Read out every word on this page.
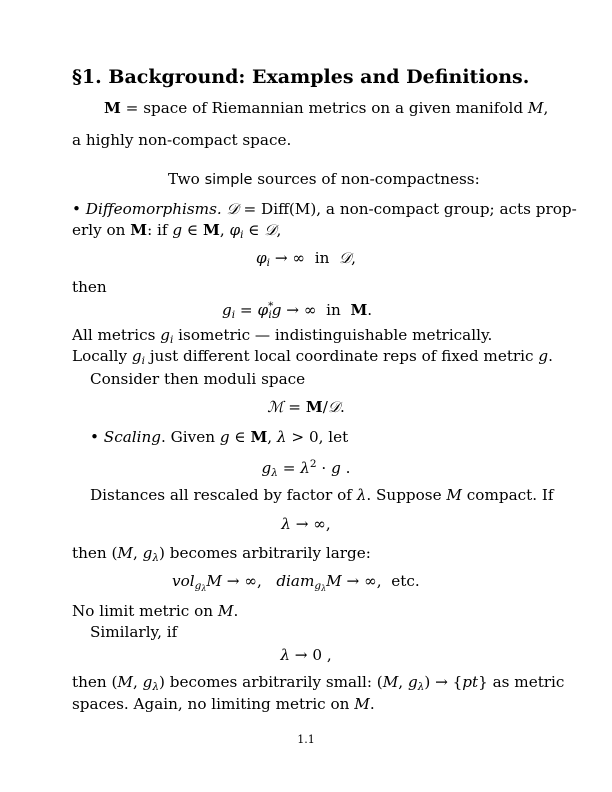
§1. Background: Examples and Definitions.
M = space of Riemannian metrics on a given manifold M,
a highly non-compact space.
Two simple sources of non-compactness:
• Diffeomorphisms. 𝒟 = Diff(M), a non-compact group; acts prop-
erly on M: if g ∈ M, $\varphi_i$ ∈ 𝒟,
$\varphi_i$ → ∞  in  𝒟,
then
$g_i = \varphi^*_ig$ → ∞  in  M.
All metrics $g_i$ isometric — indistinguishable metrically.
Locally $g_i$ just different local coordinate reps of fixed metric g.
Consider then moduli space
ℳ = M/𝒟.
• Scaling. Given g ∈ M, λ > 0, let
$g_\lambda = \lambda^2 \cdot g$ .
Distances all rescaled by factor of λ. Suppose M compact. If
λ → ∞,
then (M, $g_\lambda$) becomes arbitrarily large:
vol$_{g\lambda}$M → ∞,   diam$_{g\lambda}$M → ∞,  etc.
No limit metric on M.
Similarly, if
λ → 0 ,
then (M, $g_\lambda$) becomes arbitrarily small: (M, $g_\lambda) \to \{pt\}$ as metric
spaces. Again, no limiting metric on M.
1.1
